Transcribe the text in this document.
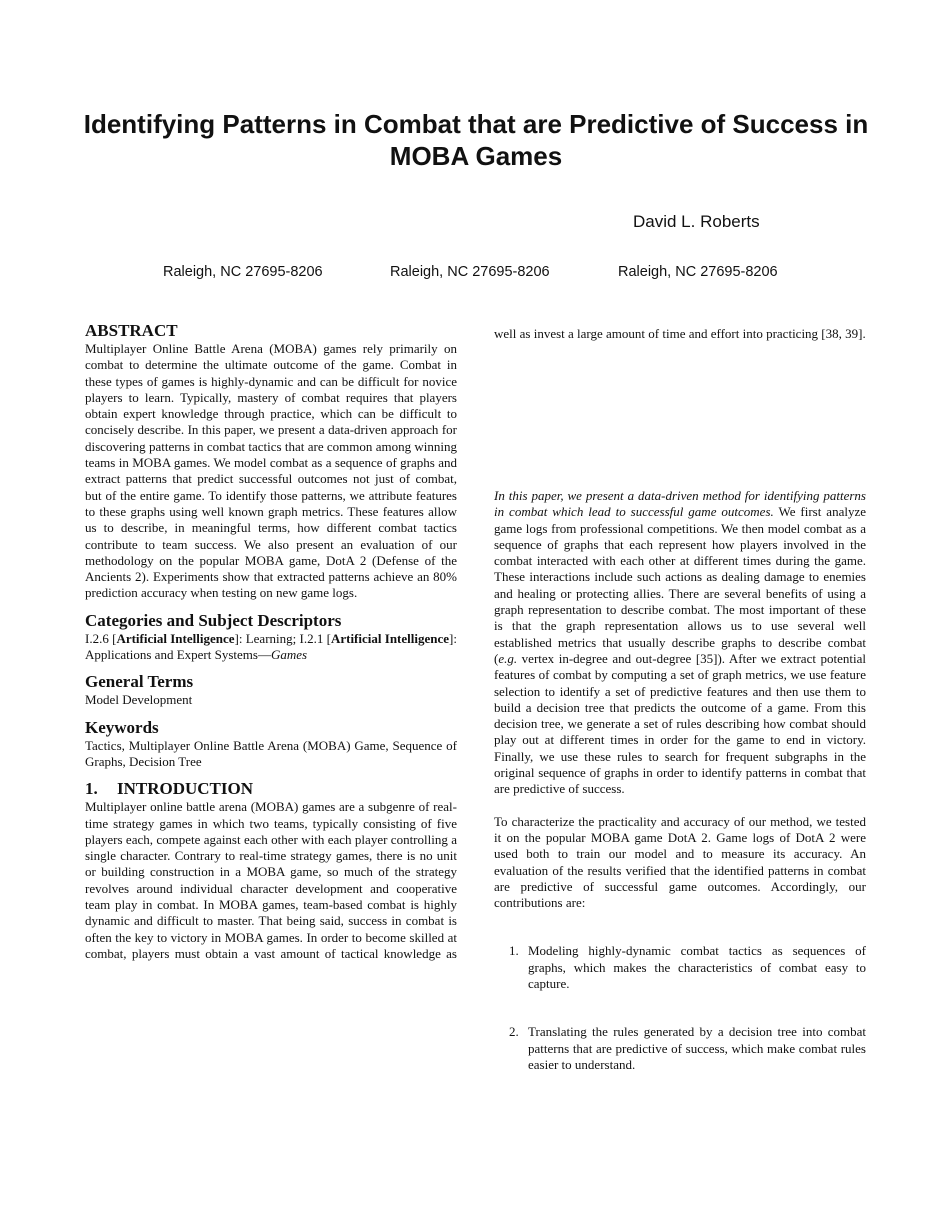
Identifying Patterns in Combat that are Predictive of Success in MOBA Games
David L. Roberts
Raleigh, NC 27695-8206	Raleigh, NC 27695-8206	Raleigh, NC 27695-8206
ABSTRACT

Multiplayer Online Battle Arena (MOBA) games rely primarily on combat to determine the ultimate outcome of the game. Combat in these types of games is highly-dynamic and can be difficult for novice players to learn. Typically, mastery of combat requires that players obtain expert knowledge through practice, which can be difficult to concisely describe. In this paper, we present a data-driven approach for discovering patterns in combat tactics that are common among winning teams in MOBA games. We model combat as a sequence of graphs and extract patterns that predict successful outcomes not just of combat, but of the entire game. To identify those patterns, we attribute features to these graphs using well known graph metrics. These features allow us to describe, in meaningful terms, how different combat tactics contribute to team success. We also present an evaluation of our methodology on the popular MOBA game, DotA 2 (Defense of the Ancients 2). Experiments show that extracted patterns achieve an 80% prediction accuracy when testing on new game logs.

Categories and Subject Descriptors

I.2.6 [Artificial Intelligence]: Learning; I.2.1 [Artificial Intelligence]: Applications and Expert Systems—Games

General Terms

Model Development

Keywords

Tactics, Multiplayer Online Battle Arena (MOBA) Game, Sequence of Graphs, Decision Tree

1. INTRODUCTION

Multiplayer online battle arena (MOBA) games are a subgenre of real-time strategy games in which two teams, typically consisting of five players each, compete against each other with each player controlling a single character. Contrary to real-time strategy games, there is no unit or building construction in a MOBA game, so much of the strategy revolves around individual character development and cooperative team play in combat. In MOBA games, team-based combat is highly dynamic and difficult to master. That being said, success in combat is often the key to victory in MOBA games. In order to become skilled at combat, players must obtain a vast amount of tactical knowledge as

well as invest a large amount of time and effort into practicing [38, 39].

In this paper, we present a data-driven method for identifying patterns in combat which lead to successful game outcomes. We first analyze game logs from professional competitions. We then model combat as a sequence of graphs that each represent how players involved in the combat interacted with each other at different times during the game. These interactions include such actions as dealing damage to enemies and healing or protecting allies. There are several benefits of using a graph representation to describe combat. The most important of these is that the graph representation allows us to use several well established metrics that usually describe graphs to describe combat (e.g. vertex in-degree and out-degree [35]). After we extract potential features of combat by computing a set of graph metrics, we use feature selection to identify a set of predictive features and then use them to build a decision tree that predicts the outcome of a game. From this decision tree, we generate a set of rules describing how combat should play out at different times in order for the game to end in victory. Finally, we use these rules to search for frequent subgraphs in the original sequence of graphs in order to identify patterns in combat that are predictive of success.

To characterize the practicality and accuracy of our method, we tested it on the popular MOBA game DotA 2. Game logs of DotA 2 were used both to train our model and to measure its accuracy. An evaluation of the results verified that the identified patterns in combat are predictive of successful game outcomes. Accordingly, our contributions are:

1. Modeling highly-dynamic combat tactics as sequences of graphs, which makes the characteristics of combat easy to capture.
2. Translating the rules generated by a decision tree into combat patterns that are predictive of success, which make combat rules easier to understand.
